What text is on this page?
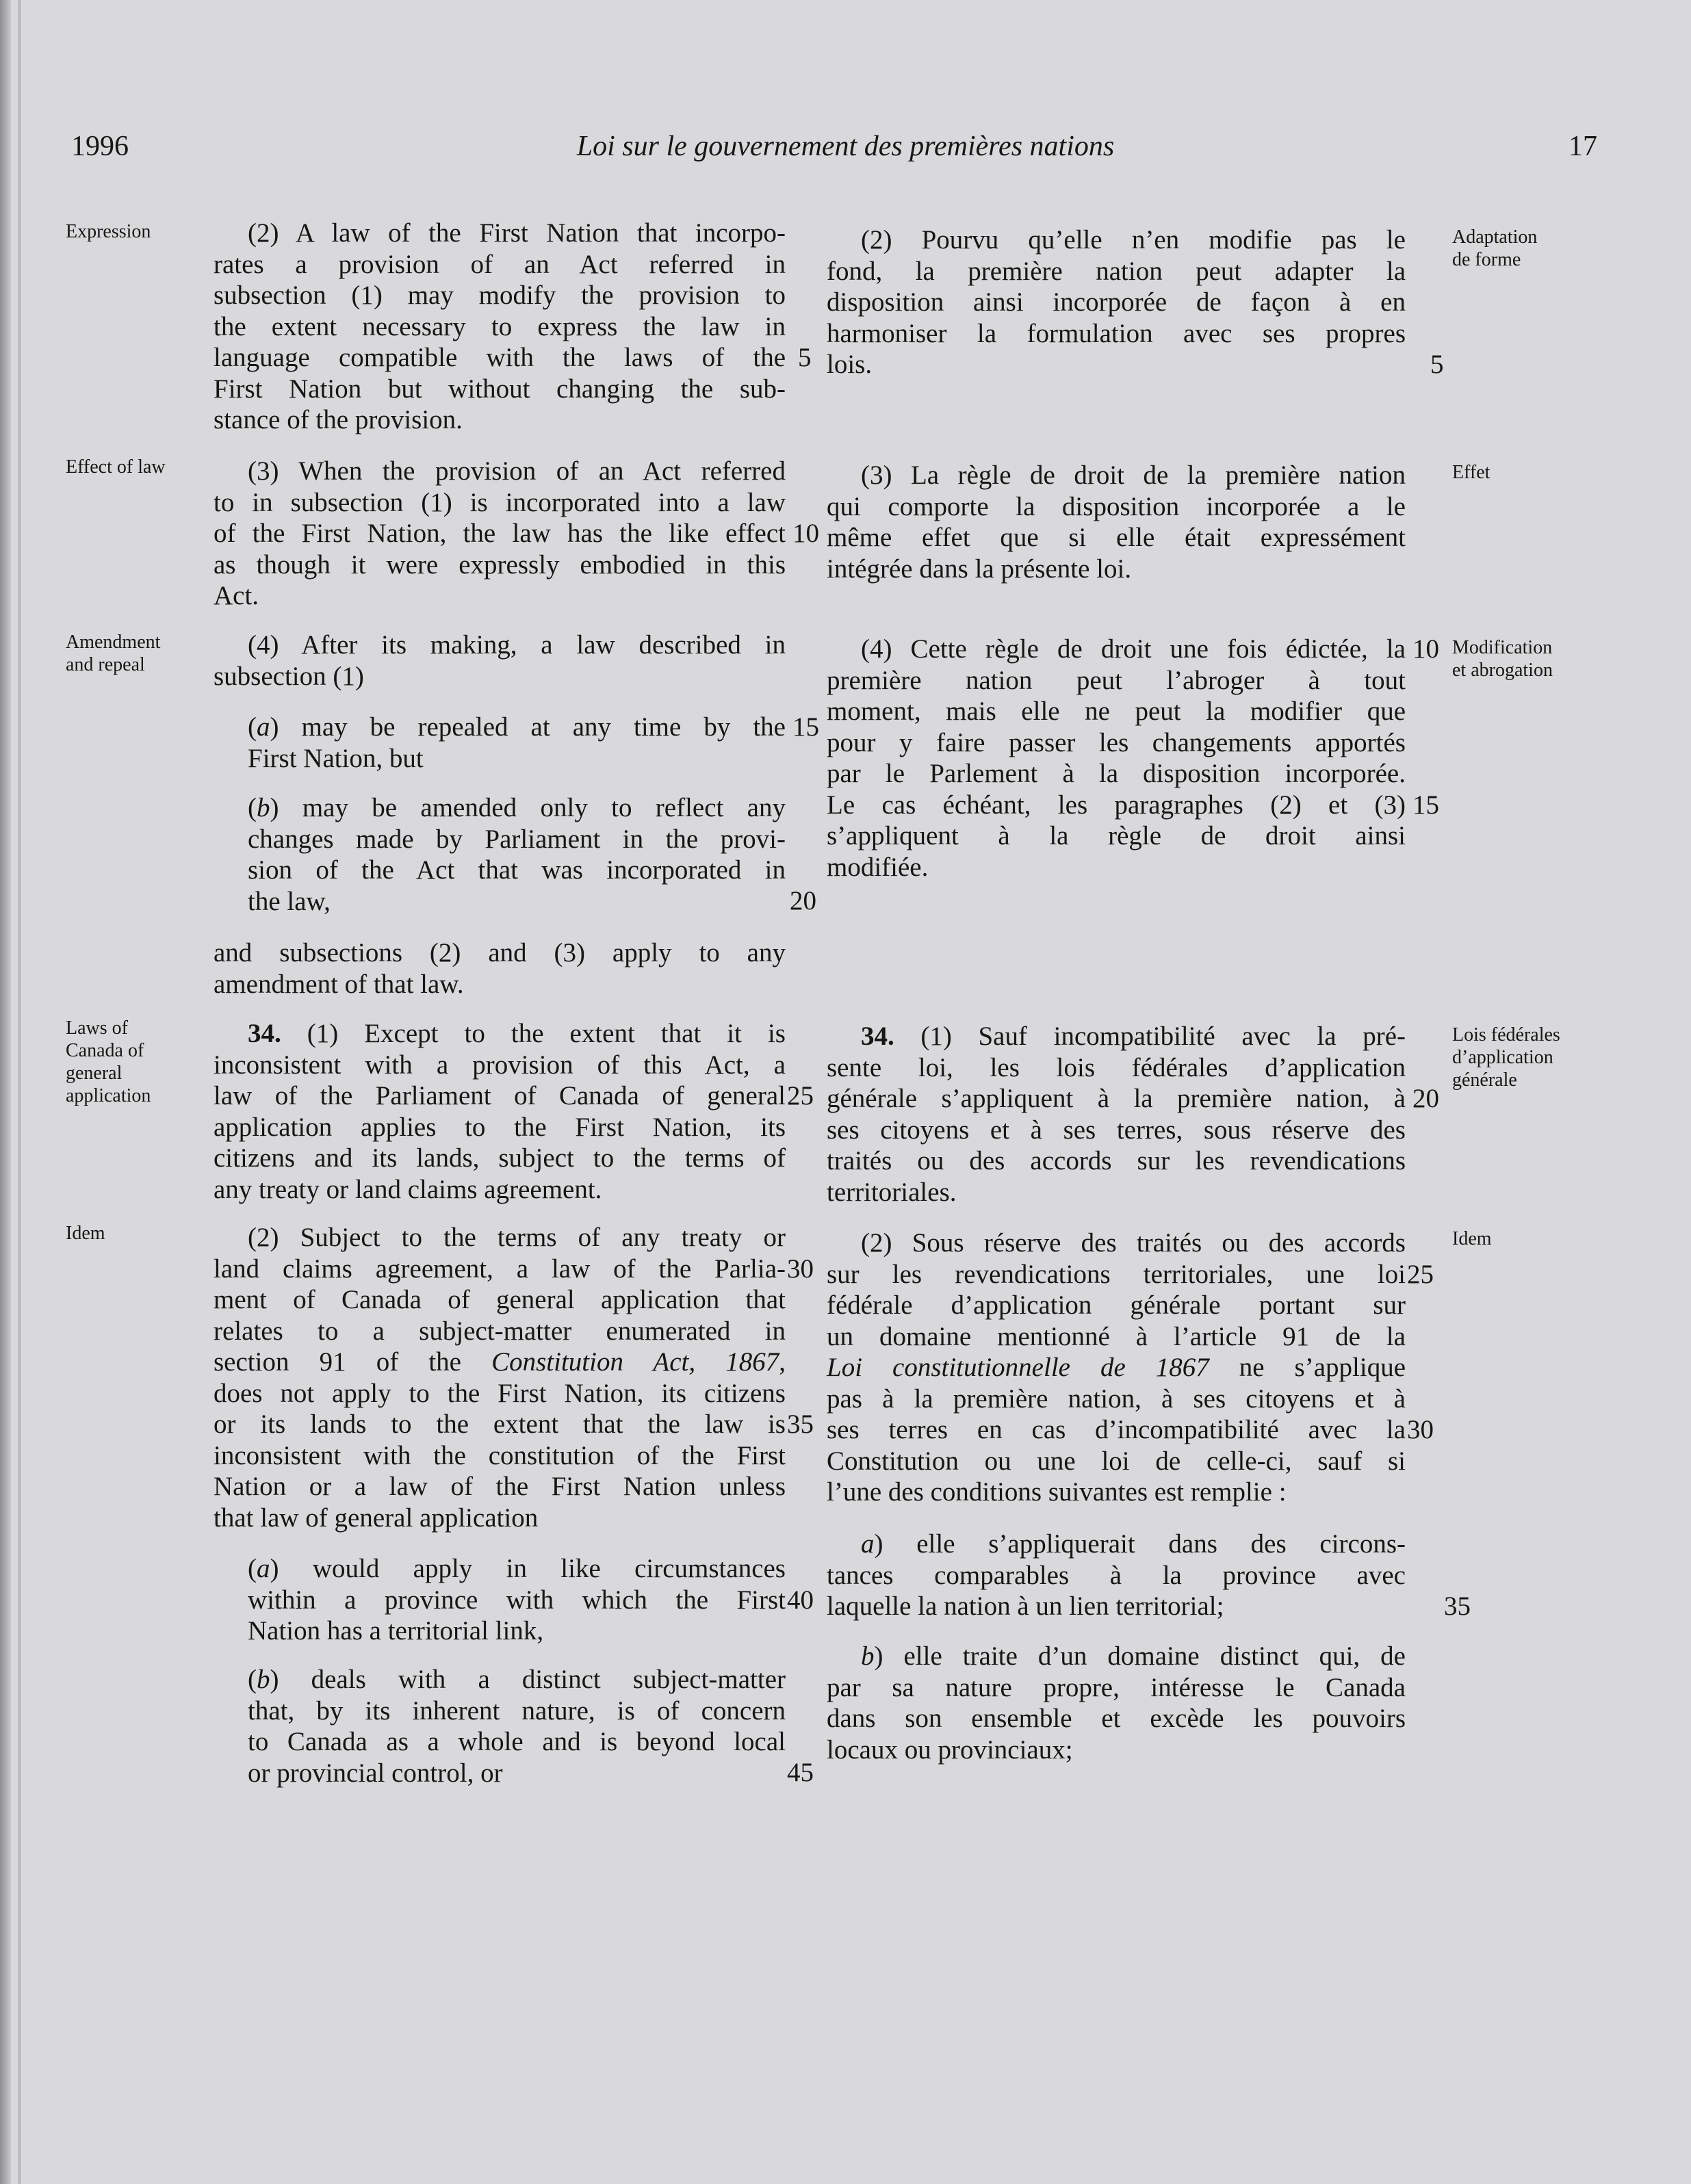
1996	Loi sur le gouvernement des premières nations	17
Expression
Effect of law
Amendment
and repeal
Laws of
Canada of
general
application
Idem
Adaptation
de forme
Effet
Modification
et abrogation
Lois fédérales
d’application
générale
Idem
(2) A law of the First Nation that incorpo-
rates a provision of an Act referred in
subsection (1) may modify the provision to
the extent necessary to express the law in
language compatible with the laws of the
First Nation but without changing the sub-
stance of the provision.
(3) When the provision of an Act referred
to in subsection (1) is incorporated into a law
of the First Nation, the law has the like effect
as though it were expressly embodied in this
Act.
(4) After its making, a law described in
subsection (1)
(a) may be repealed at any time by the
First Nation, but
(b) may be amended only to reflect any
changes made by Parliament in the provi-
sion of the Act that was incorporated in
the law,
and subsections (2) and (3) apply to any
amendment of that law.
34. (1) Except to the extent that it is
inconsistent with a provision of this Act, a
law of the Parliament of Canada of general
application applies to the First Nation, its
citizens and its lands, subject to the terms of
any treaty or land claims agreement.
(2) Subject to the terms of any treaty or
land claims agreement, a law of the Parlia-
ment of Canada of general application that
relates to a subject-matter enumerated in
section 91 of the Constitution Act, 1867,
does not apply to the First Nation, its citizens
or its lands to the extent that the law is
inconsistent with the constitution of the First
Nation or a law of the First Nation unless
that law of general application
(a) would apply in like circumstances
within a province with which the First
Nation has a territorial link,
(b) deals with a distinct subject-matter
that, by its inherent nature, is of concern
to Canada as a whole and is beyond local
or provincial control, or
5
10
15
20
25
30
35
40
45
(2) Pourvu qu’elle n’en modifie pas le
fond, la première nation peut adapter la
disposition ainsi incorporée de façon à en
harmoniser la formulation avec ses propres
lois.
(3) La règle de droit de la première nation
qui comporte la disposition incorporée a le
même effet que si elle était expressément
intégrée dans la présente loi.
(4) Cette règle de droit une fois édictée, la
première nation peut l’abroger à tout
moment, mais elle ne peut la modifier que
pour y faire passer les changements apportés
par le Parlement à la disposition incorporée.
Le cas échéant, les paragraphes (2) et (3)
s’appliquent à la règle de droit ainsi
modifiée.
34. (1) Sauf incompatibilité avec la pré-
sente loi, les lois fédérales d’application
générale s’appliquent à la première nation, à
ses citoyens et à ses terres, sous réserve des
traités ou des accords sur les revendications
territoriales.
(2) Sous réserve des traités ou des accords
sur les revendications territoriales, une loi
fédérale d’application générale portant sur
un domaine mentionné à l’article 91 de la
Loi constitutionnelle de 1867 ne s’applique
pas à la première nation, à ses citoyens et à
ses terres en cas d’incompatibilité avec la
Constitution ou une loi de celle-ci, sauf si
l’une des conditions suivantes est remplie :
a) elle s’appliquerait dans des circons-
tances comparables à la province avec
laquelle la nation à un lien territorial;
b) elle traite d’un domaine distinct qui, de
par sa nature propre, intéresse le Canada
dans son ensemble et excède les pouvoirs
locaux ou provinciaux;
5
10
15
20
25
30
35
